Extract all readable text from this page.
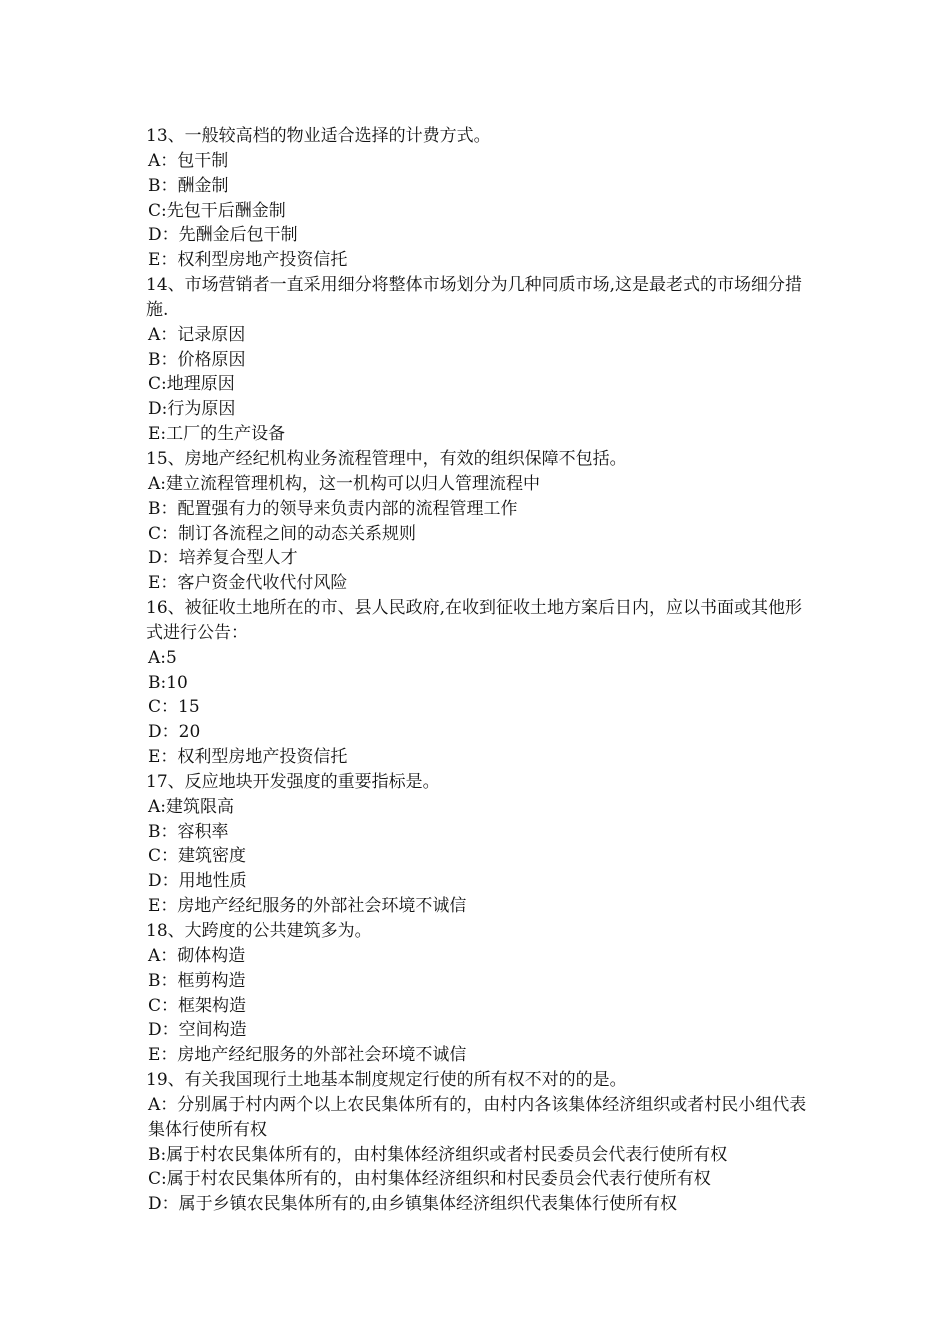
13、一般较高档的物业适合选择的计费方式。
A：包干制
B：酬金制
C:先包干后酬金制
D：先酬金后包干制
E：权利型房地产投资信托
14、市场营销者一直采用细分将整体市场划分为几种同质市场,这是最老式的市场细分措施.
A：记录原因
B：价格原因
C:地理原因
D:行为原因
E:工厂的生产设备
15、房地产经纪机构业务流程管理中，有效的组织保障不包括。
A:建立流程管理机构，这一机构可以归人管理流程中
B：配置强有力的领导来负责内部的流程管理工作
C：制订各流程之间的动态关系规则
D：培养复合型人才
E：客户资金代收代付风险
16、被征收土地所在的市、县人民政府,在收到征收土地方案后日内，应以书面或其他形式进行公告：
A:5
B:10
C：15
D：20
E：权利型房地产投资信托
17、反应地块开发强度的重要指标是。
A:建筑限高
B：容积率
C：建筑密度
D：用地性质
E：房地产经纪服务的外部社会环境不诚信
18、大跨度的公共建筑多为。
A：砌体构造
B：框剪构造
C：框架构造
D：空间构造
E：房地产经纪服务的外部社会环境不诚信
19、有关我国现行土地基本制度规定行使的所有权不对的的是。
A：分别属于村内两个以上农民集体所有的，由村内各该集体经济组织或者村民小组代表集体行使所有权
B:属于村农民集体所有的，由村集体经济组织或者村民委员会代表行使所有权
C:属于村农民集体所有的，由村集体经济组织和村民委员会代表行使所有权
D：属于乡镇农民集体所有的,由乡镇集体经济组织代表集体行使所有权
